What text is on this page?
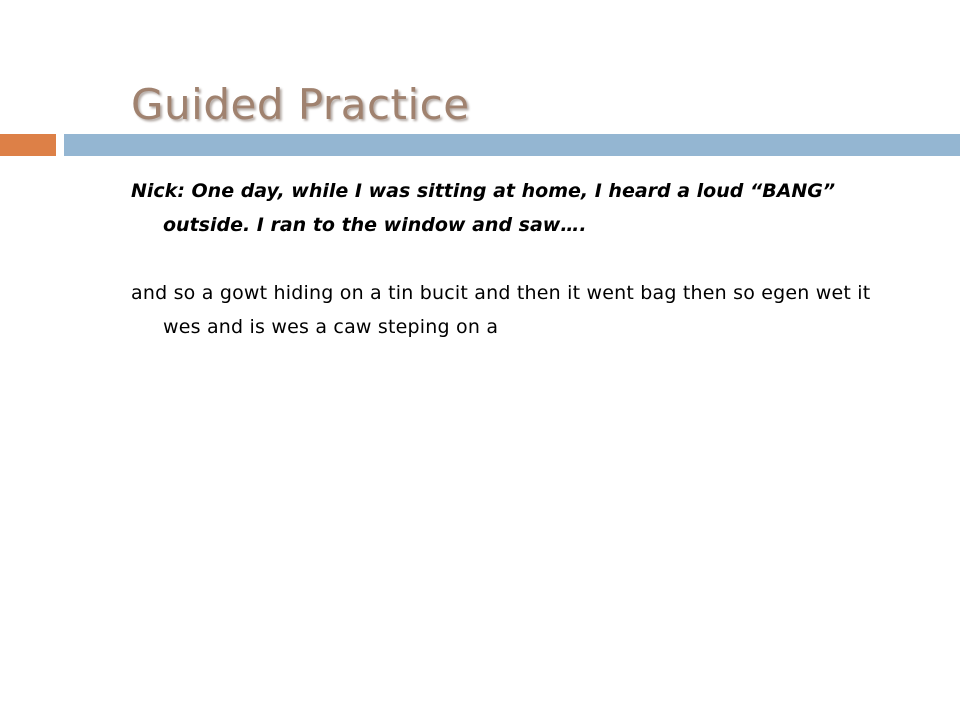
Guided Practice

Nick: One day, while I was sitting at home, I heard a loud “BANG” outside. I ran to the window and saw….

and so a gowt hiding on a tin bucit and then it went bag then so egen wet it wes and is wes a caw steping on a
